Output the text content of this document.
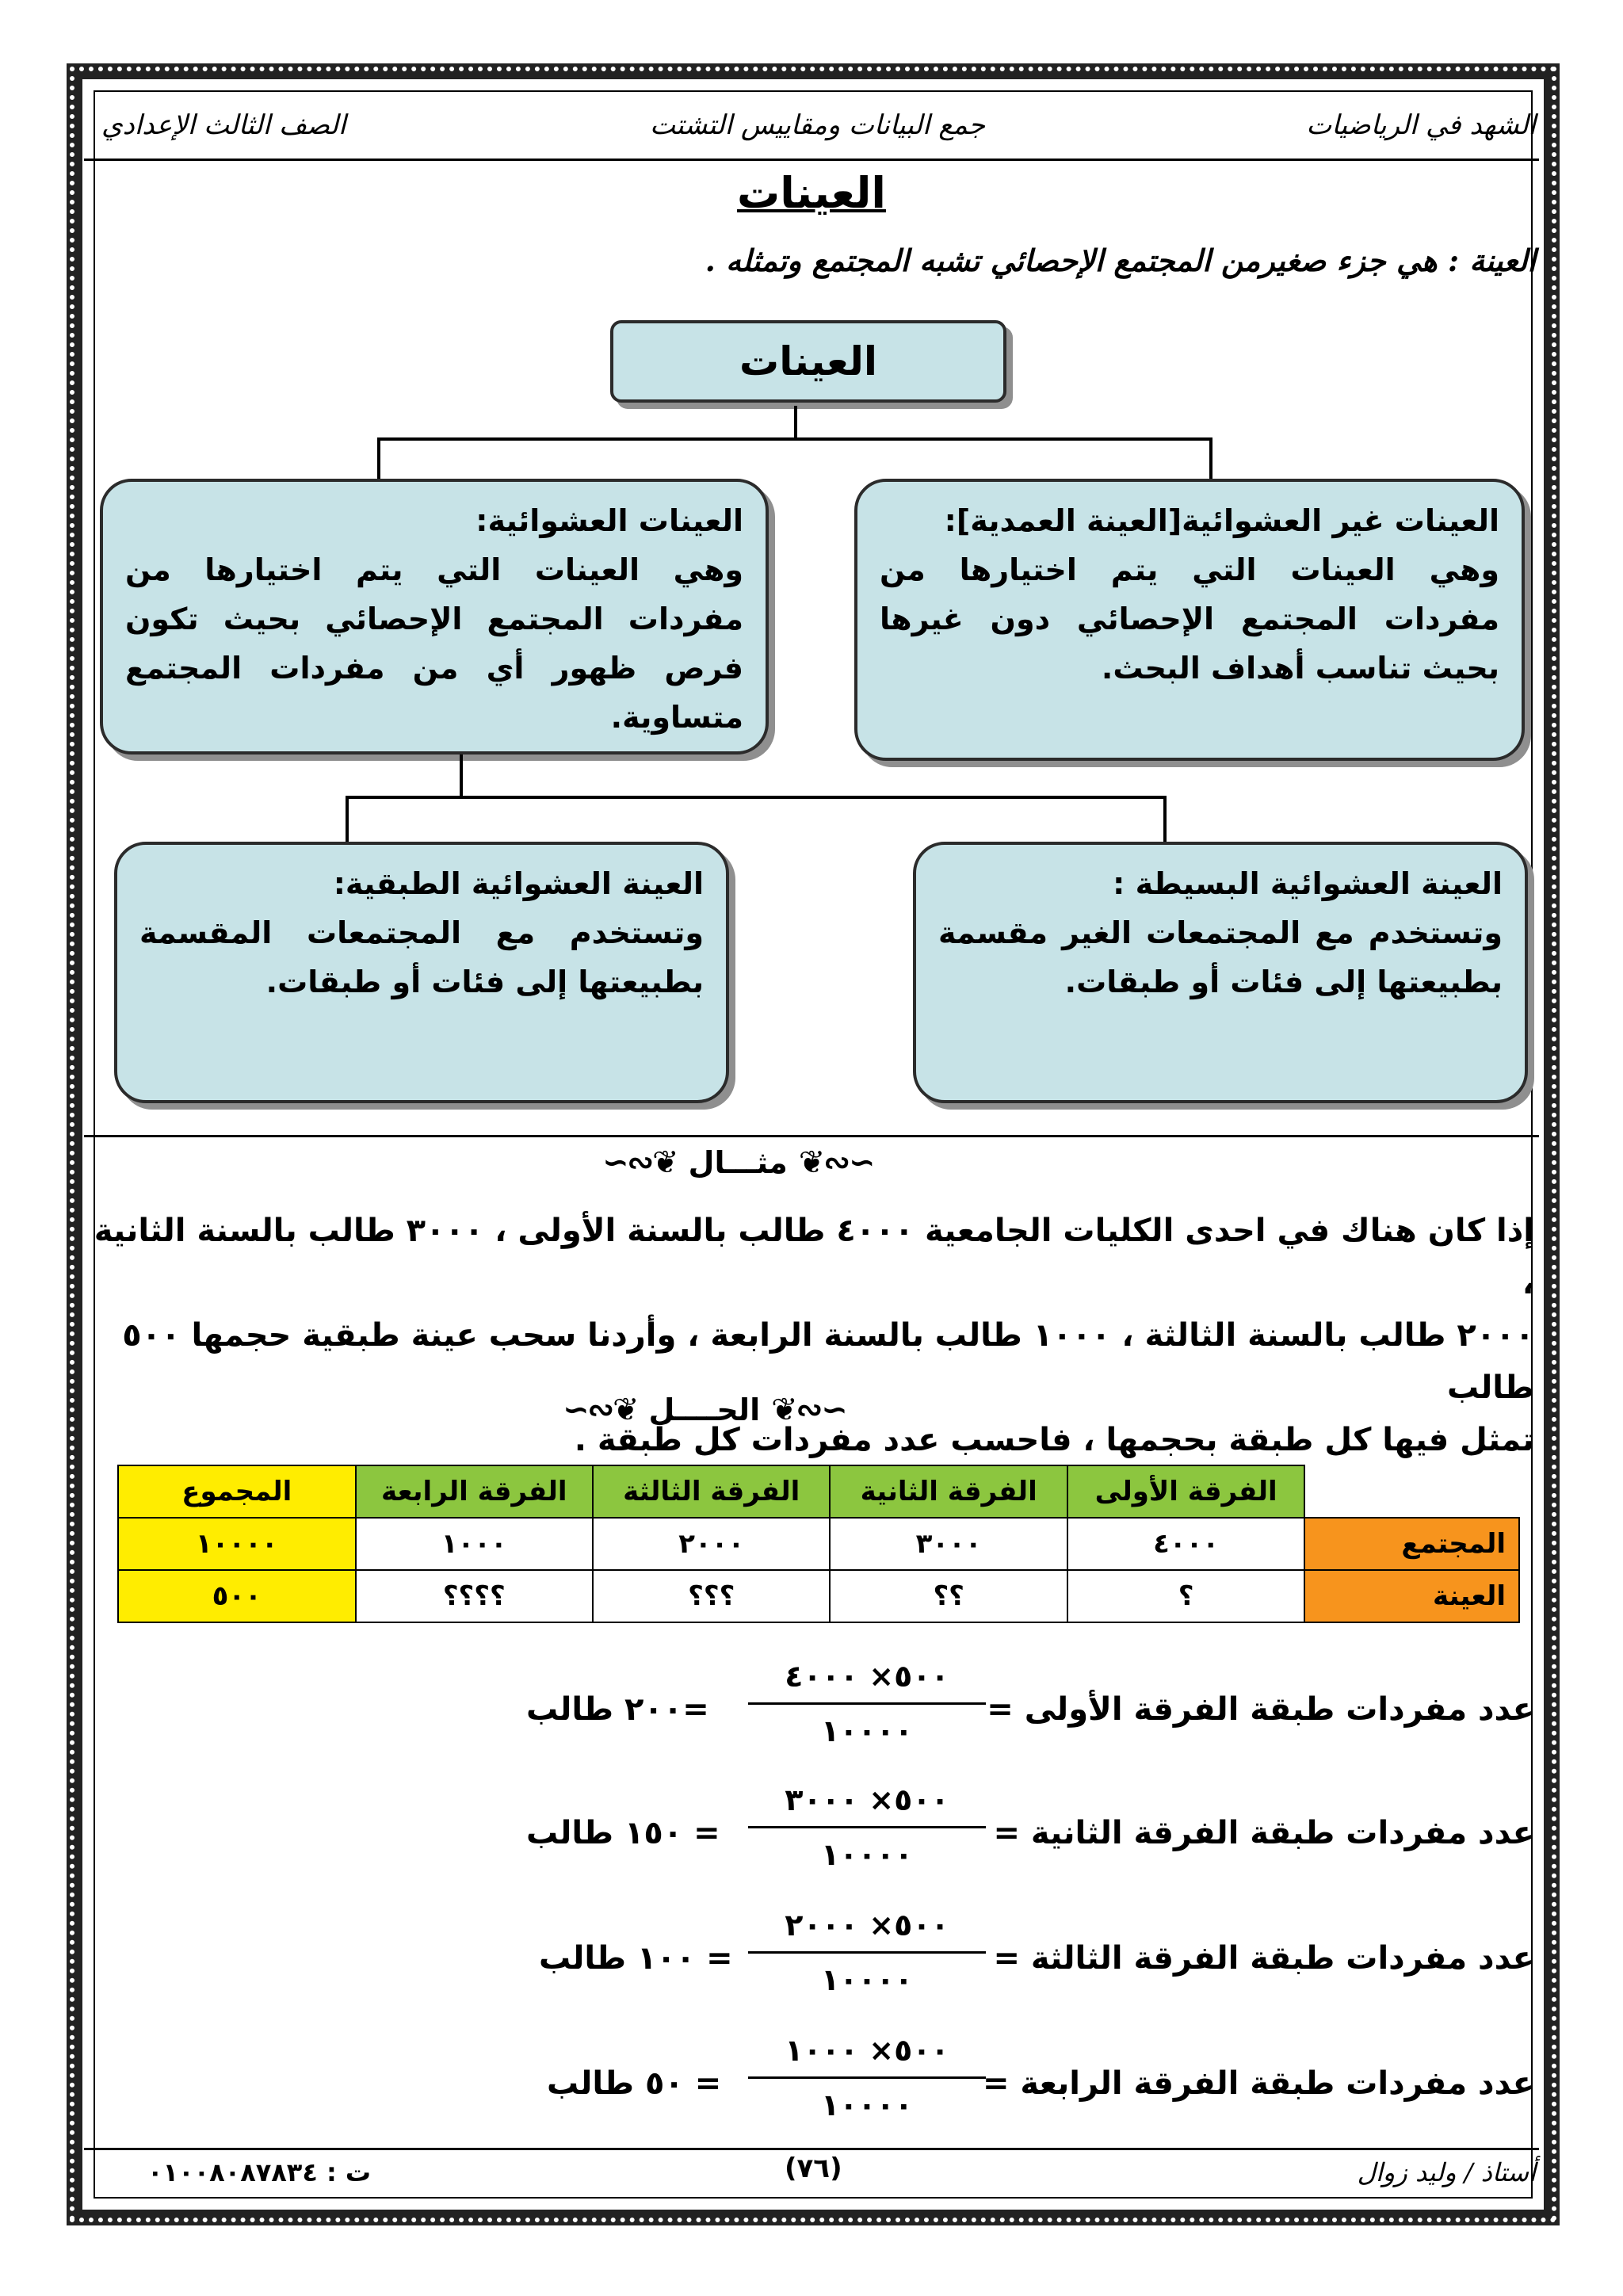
الشهد في الرياضيات
جمع البيانات ومقاييس التشتت
الصف الثالث الإعدادي
العينات
العينة : هي جزء صغيرمن المجتمع الإحصائي تشبه المجتمع وتمثله .
العينات
العينات غير العشوائية[العينة العمدية]:
وهي العينات التي يتم اختيارها من مفردات المجتمع الإحصائي دون غيرها بحيث تناسب أهداف البحث.
العينات العشوائية:
وهي العينات التي يتم اختيارها من مفردات المجتمع الإحصائي بحيث تكون فرص ظهور أي من مفردات المجتمع متساوية.
العينة العشوائية البسيطة :
وتستخدم مع المجتمعات الغير مقسمة بطبيعتها إلى فئات أو طبقات.
العينة العشوائية الطبقية:
وتستخدم مع المجتمعات المقسمة بطبيعتها إلى فئات أو طبقات.
∼∾❦
مثـــال
❦∾∼
إذا كان هناك في احدى الكليات الجامعية ٤٠٠٠ طالب بالسنة الأولى ، ٣٠٠٠ طالب بالسنة الثانية ،
٢٠٠٠ طالب بالسنة الثالثة ، ١٠٠٠ طالب بالسنة الرابعة ، وأردنا سحب عينة طبقية حجمها ٥٠٠ طالب
تمثل فيها كل طبقة بحجمها ، فاحسب عدد مفردات كل طبقة .
∼∾❦
الحــــل
❦∾∼
	الفرقة الأولى	الفرقة الثانية	الفرقة الثالثة	الفرقة الرابعة	المجموع
المجتمع	٤٠٠٠	٣٠٠٠	٢٠٠٠	١٠٠٠	١٠٠٠٠
العينة	؟	؟؟	؟؟؟	؟؟؟؟	٥٠٠
عدد مفردات طبقة الفرقة الأولى =
٥٠٠× ٤٠٠٠
١٠٠٠٠
=٢٠٠ طالب
عدد مفردات طبقة الفرقة الثانية =
٥٠٠× ٣٠٠٠
١٠٠٠٠
= ١٥٠ طالب
عدد مفردات طبقة الفرقة الثالثة =
٥٠٠× ٢٠٠٠
١٠٠٠٠
= ١٠٠ طالب
عدد مفردات طبقة الفرقة الرابعة =
٥٠٠× ١٠٠٠
١٠٠٠٠
= ٥٠ طالب
أستاذ / وليد زوال
(٧٦)
ت : ٠١٠٠٨٠٨٧٨٣٤
